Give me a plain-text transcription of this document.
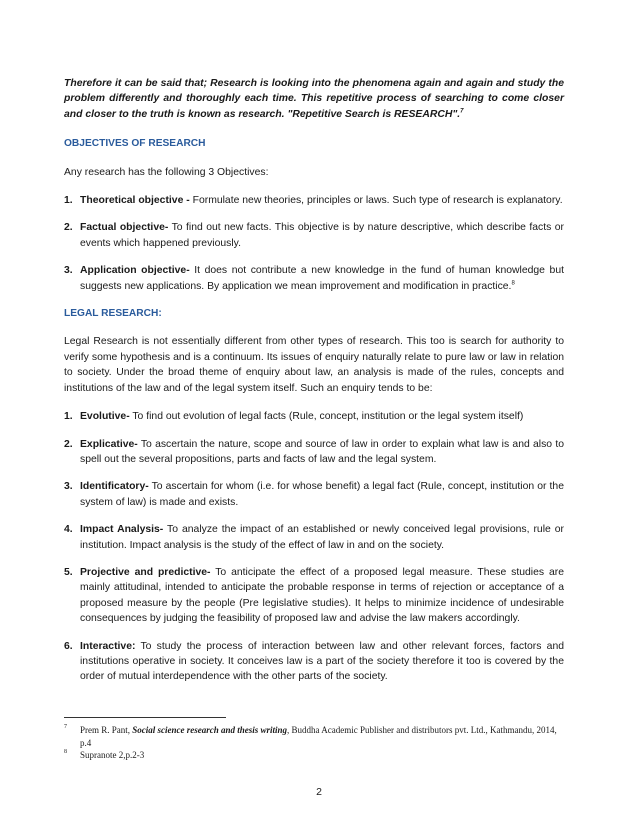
Therefore it can be said that; Research is looking into the phenomena again and again and study the problem differently and thoroughly each time. This repetitive process of searching to come closer and closer to the truth is known as research. "Repetitive Search is RESEARCH".$^7$

OBJECTIVES OF RESEARCH

Any research has the following 3 Objectives:

1. Theoretical objective - Formulate new theories, principles or laws. Such type of research is explanatory.
2. Factual objective- To find out new facts. This objective is by nature descriptive, which describe facts or events which happened previously.
3. Application objective- It does not contribute a new knowledge in the fund of human knowledge but suggests new applications. By application we mean improvement and modification in practice.$^8$
LEGAL RESEARCH:

Legal Research is not essentially different from other types of research. This too is search for authority to verify some hypothesis and is a continuum. Its issues of enquiry naturally relate to pure law or law in relation to society. Under the broad theme of enquiry about law, an analysis is made of the rules, concepts and institutions of the law and of the legal system itself. Such an enquiry tends to be:

1. Evolutive- To find out evolution of legal facts (Rule, concept, institution or the legal system itself)
2. Explicative- To ascertain the nature, scope and source of law in order to explain what law is and also to spell out the several propositions, parts and facts of law and the legal system.
3. Identificatory- To ascertain for whom (i.e. for whose benefit) a legal fact (Rule, concept, institution or the system of law) is made and exists.
4. Impact Analysis- To analyze the impact of an established or newly conceived legal provisions, rule or institution. Impact analysis is the study of the effect of law in and on the society.
5. Projective and predictive- To anticipate the effect of a proposed legal measure. These studies are mainly attitudinal, intended to anticipate the probable response in terms of rejection or acceptance of a proposed measure by the people (Pre legislative studies). It helps to minimize incidence of undesirable consequences by judging the feasibility of proposed law and advise the law makers accordingly.
6. Interactive: To study the process of interaction between law and other relevant forces, factors and institutions operative in society. It conceives law is a part of the society therefore it too is covered by the order of mutual interdependence with the other parts of the society.

7 Prem R. Pant, Social science research and thesis writing, Buddha Academic Publisher and distributors pvt. Ltd., Kathmandu, 2014, p.4

8 Supranote 2,p.2-3

2
